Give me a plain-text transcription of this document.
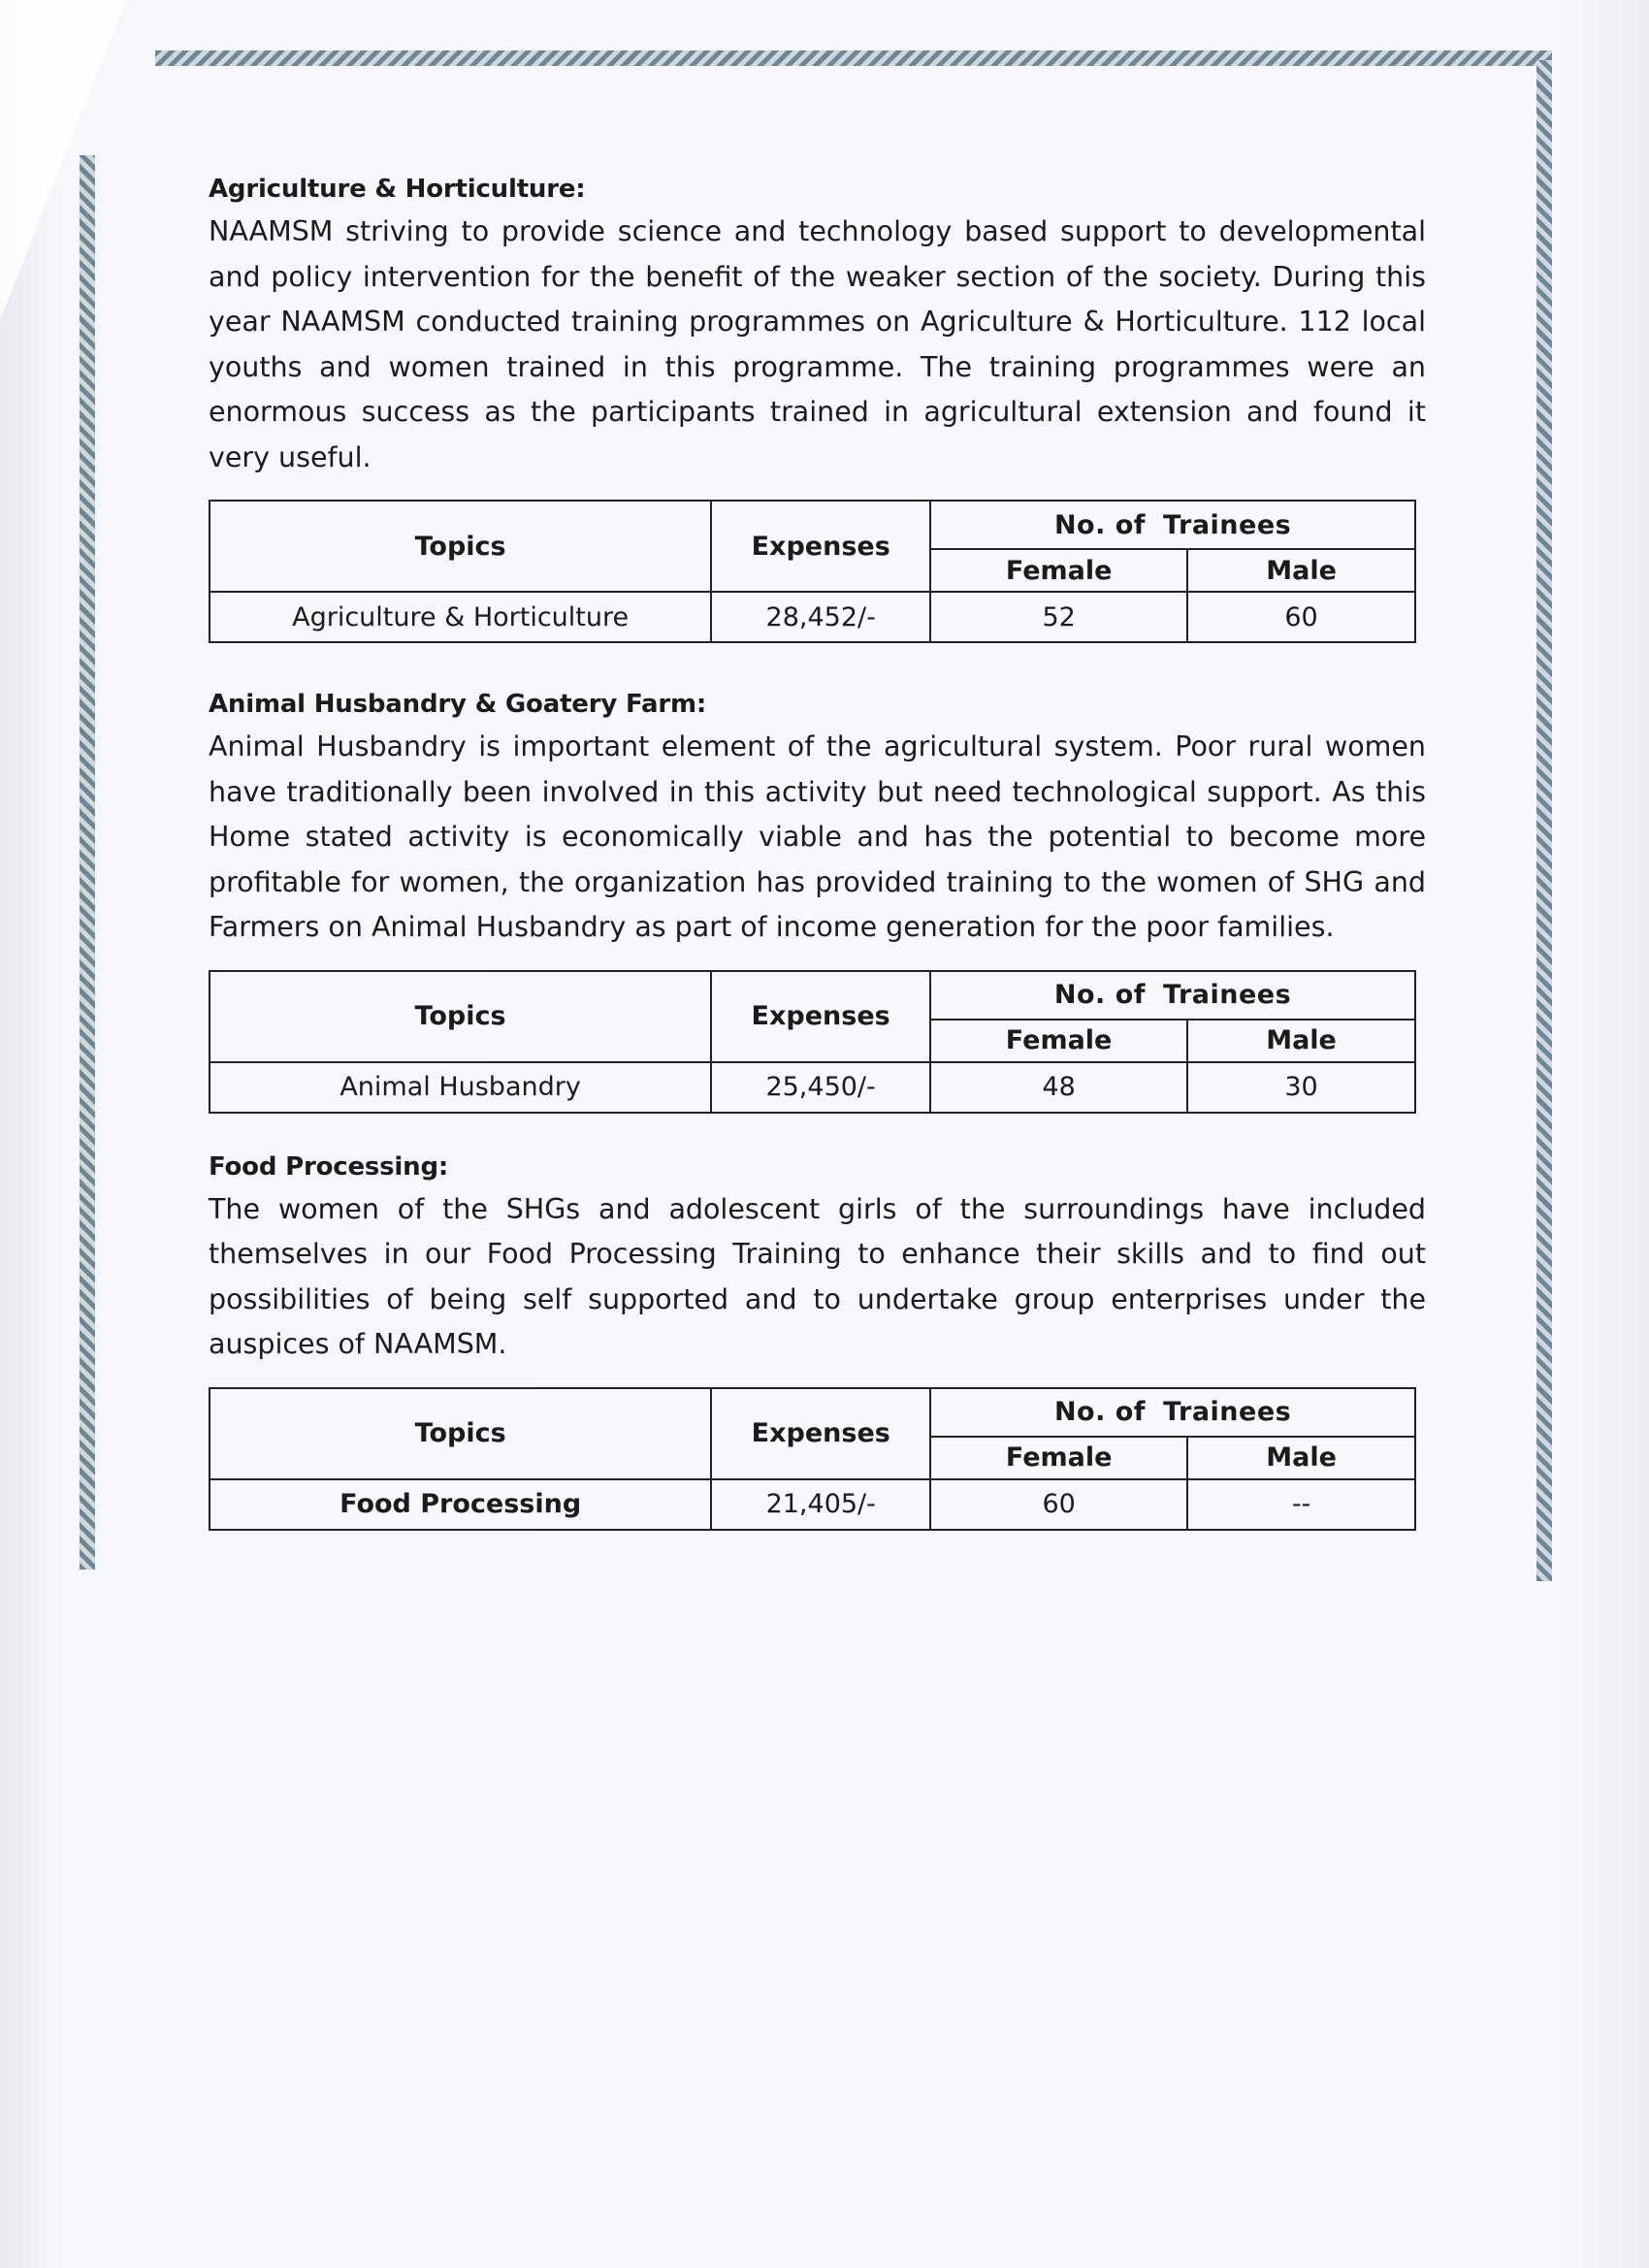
Agriculture & Horticulture:

NAAMSM striving to provide science and technology based support to developmental and policy intervention for the benefit of the weaker section of the society. During this year NAAMSM conducted training programmes on Agriculture & Horticulture. 112 local youths and women trained in this programme. The training programmes were an enormous success as the participants trained in agricultural extension and found it very useful.

Topics	Expenses	No. of Trainees	
		Female	Male
Agriculture & Horticulture	28,452/-	52	60
Animal Husbandry & Goatery Farm:

Animal Husbandry is important element of the agricultural system. Poor rural women have traditionally been involved in this activity but need technological support. As this Home stated activity is economically viable and has the potential to become more profitable for women, the organization has provided training to the women of SHG and Farmers on Animal Husbandry as part of income generation for the poor families.

Topics	Expenses	No. of Trainees	
		Female	Male
Animal Husbandry	25,450/-	48	30
Food Processing:

The women of the SHGs and adolescent girls of the surroundings have included themselves in our Food Processing Training to enhance their skills and to find out possibilities of being self supported and to undertake group enterprises under the auspices of NAAMSM.

Topics	Expenses	No. of Trainees	
		Female	Male
Food Processing	21,405/-	60	--
